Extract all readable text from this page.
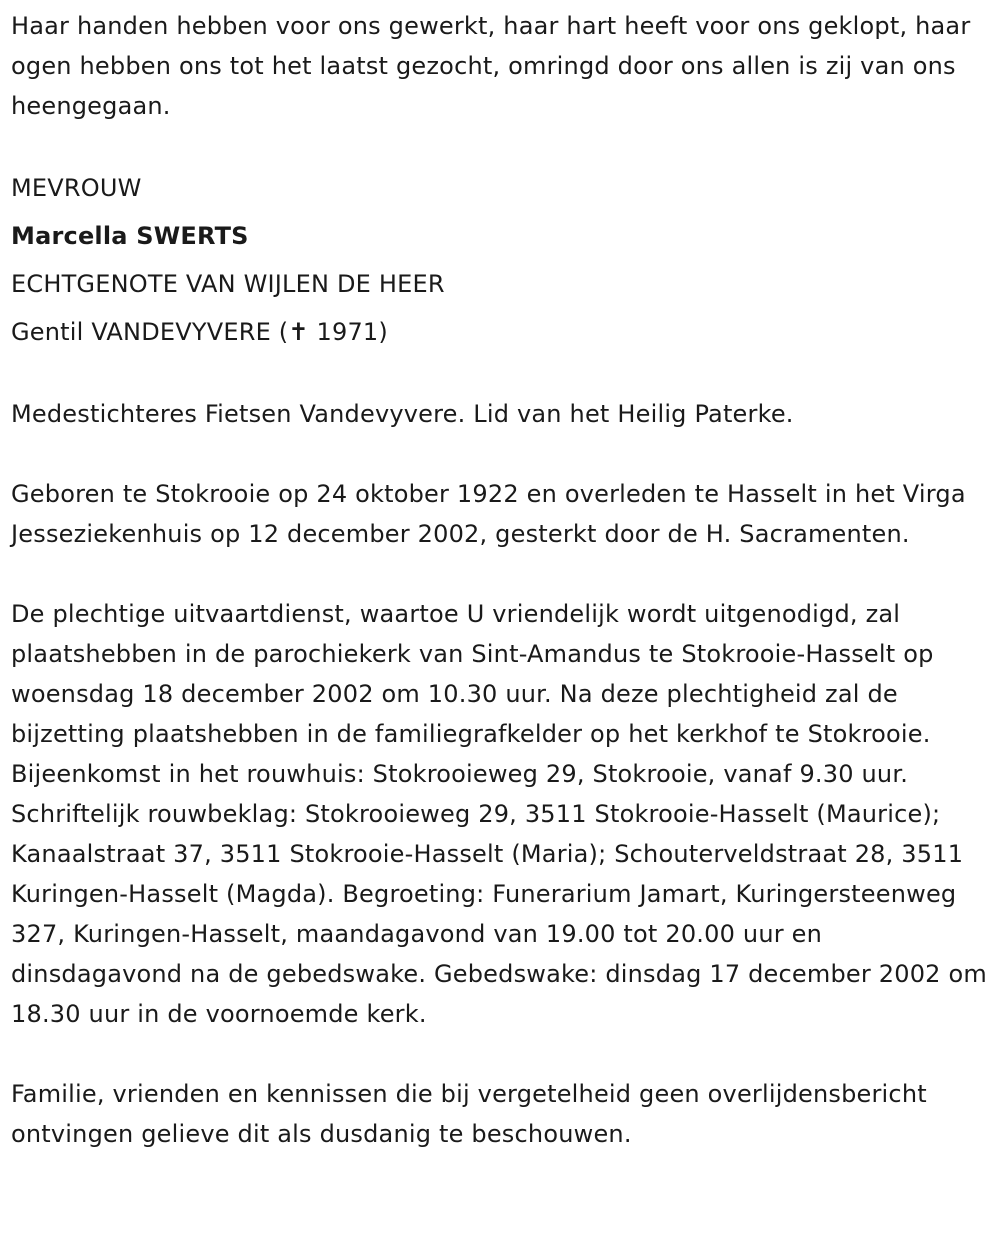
Haar handen hebben voor ons gewerkt, haar hart heeft voor ons geklopt, haar ogen hebben ons tot het laatst gezocht, omringd door ons allen is zij van ons heengegaan.

MEVROUW
Marcella SWERTS
ECHTGENOTE VAN WIJLEN DE HEER
Gentil VANDEVYVERE (✝ 1971)

Medestichteres Fietsen Vandevyvere. Lid van het Heilig Paterke.

Geboren te Stokrooie op 24 oktober 1922 en overleden te Hasselt in het Virga Jesseziekenhuis op 12 december 2002, gesterkt door de H. Sacramenten.

De plechtige uitvaartdienst, waartoe U vriendelijk wordt uitgenodigd, zal plaatshebben in de parochiekerk van Sint-Amandus te Stokrooie-Hasselt op woensdag 18 december 2002 om 10.30 uur. Na deze plechtigheid zal de bijzetting plaatshebben in de familiegrafkelder op het kerkhof te Stokrooie. Bijeenkomst in het rouwhuis: Stokrooieweg 29, Stokrooie, vanaf 9.30 uur. Schriftelijk rouwbeklag: Stokrooieweg 29, 3511 Stokrooie-Hasselt (Maurice); Kanaalstraat 37, 3511 Stokrooie-Hasselt (Maria); Schouterveldstraat 28, 3511 Kuringen-Hasselt (Magda). Begroeting: Funerarium Jamart, Kuringersteenweg 327, Kuringen-Hasselt, maandagavond van 19.00 tot 20.00 uur en dinsdagavond na de gebedswake. Gebedswake: dinsdag 17 december 2002 om 18.30 uur in de voornoemde kerk.

Familie, vrienden en kennissen die bij vergetelheid geen overlijdensbericht ontvingen gelieve dit als dusdanig te beschouwen.
